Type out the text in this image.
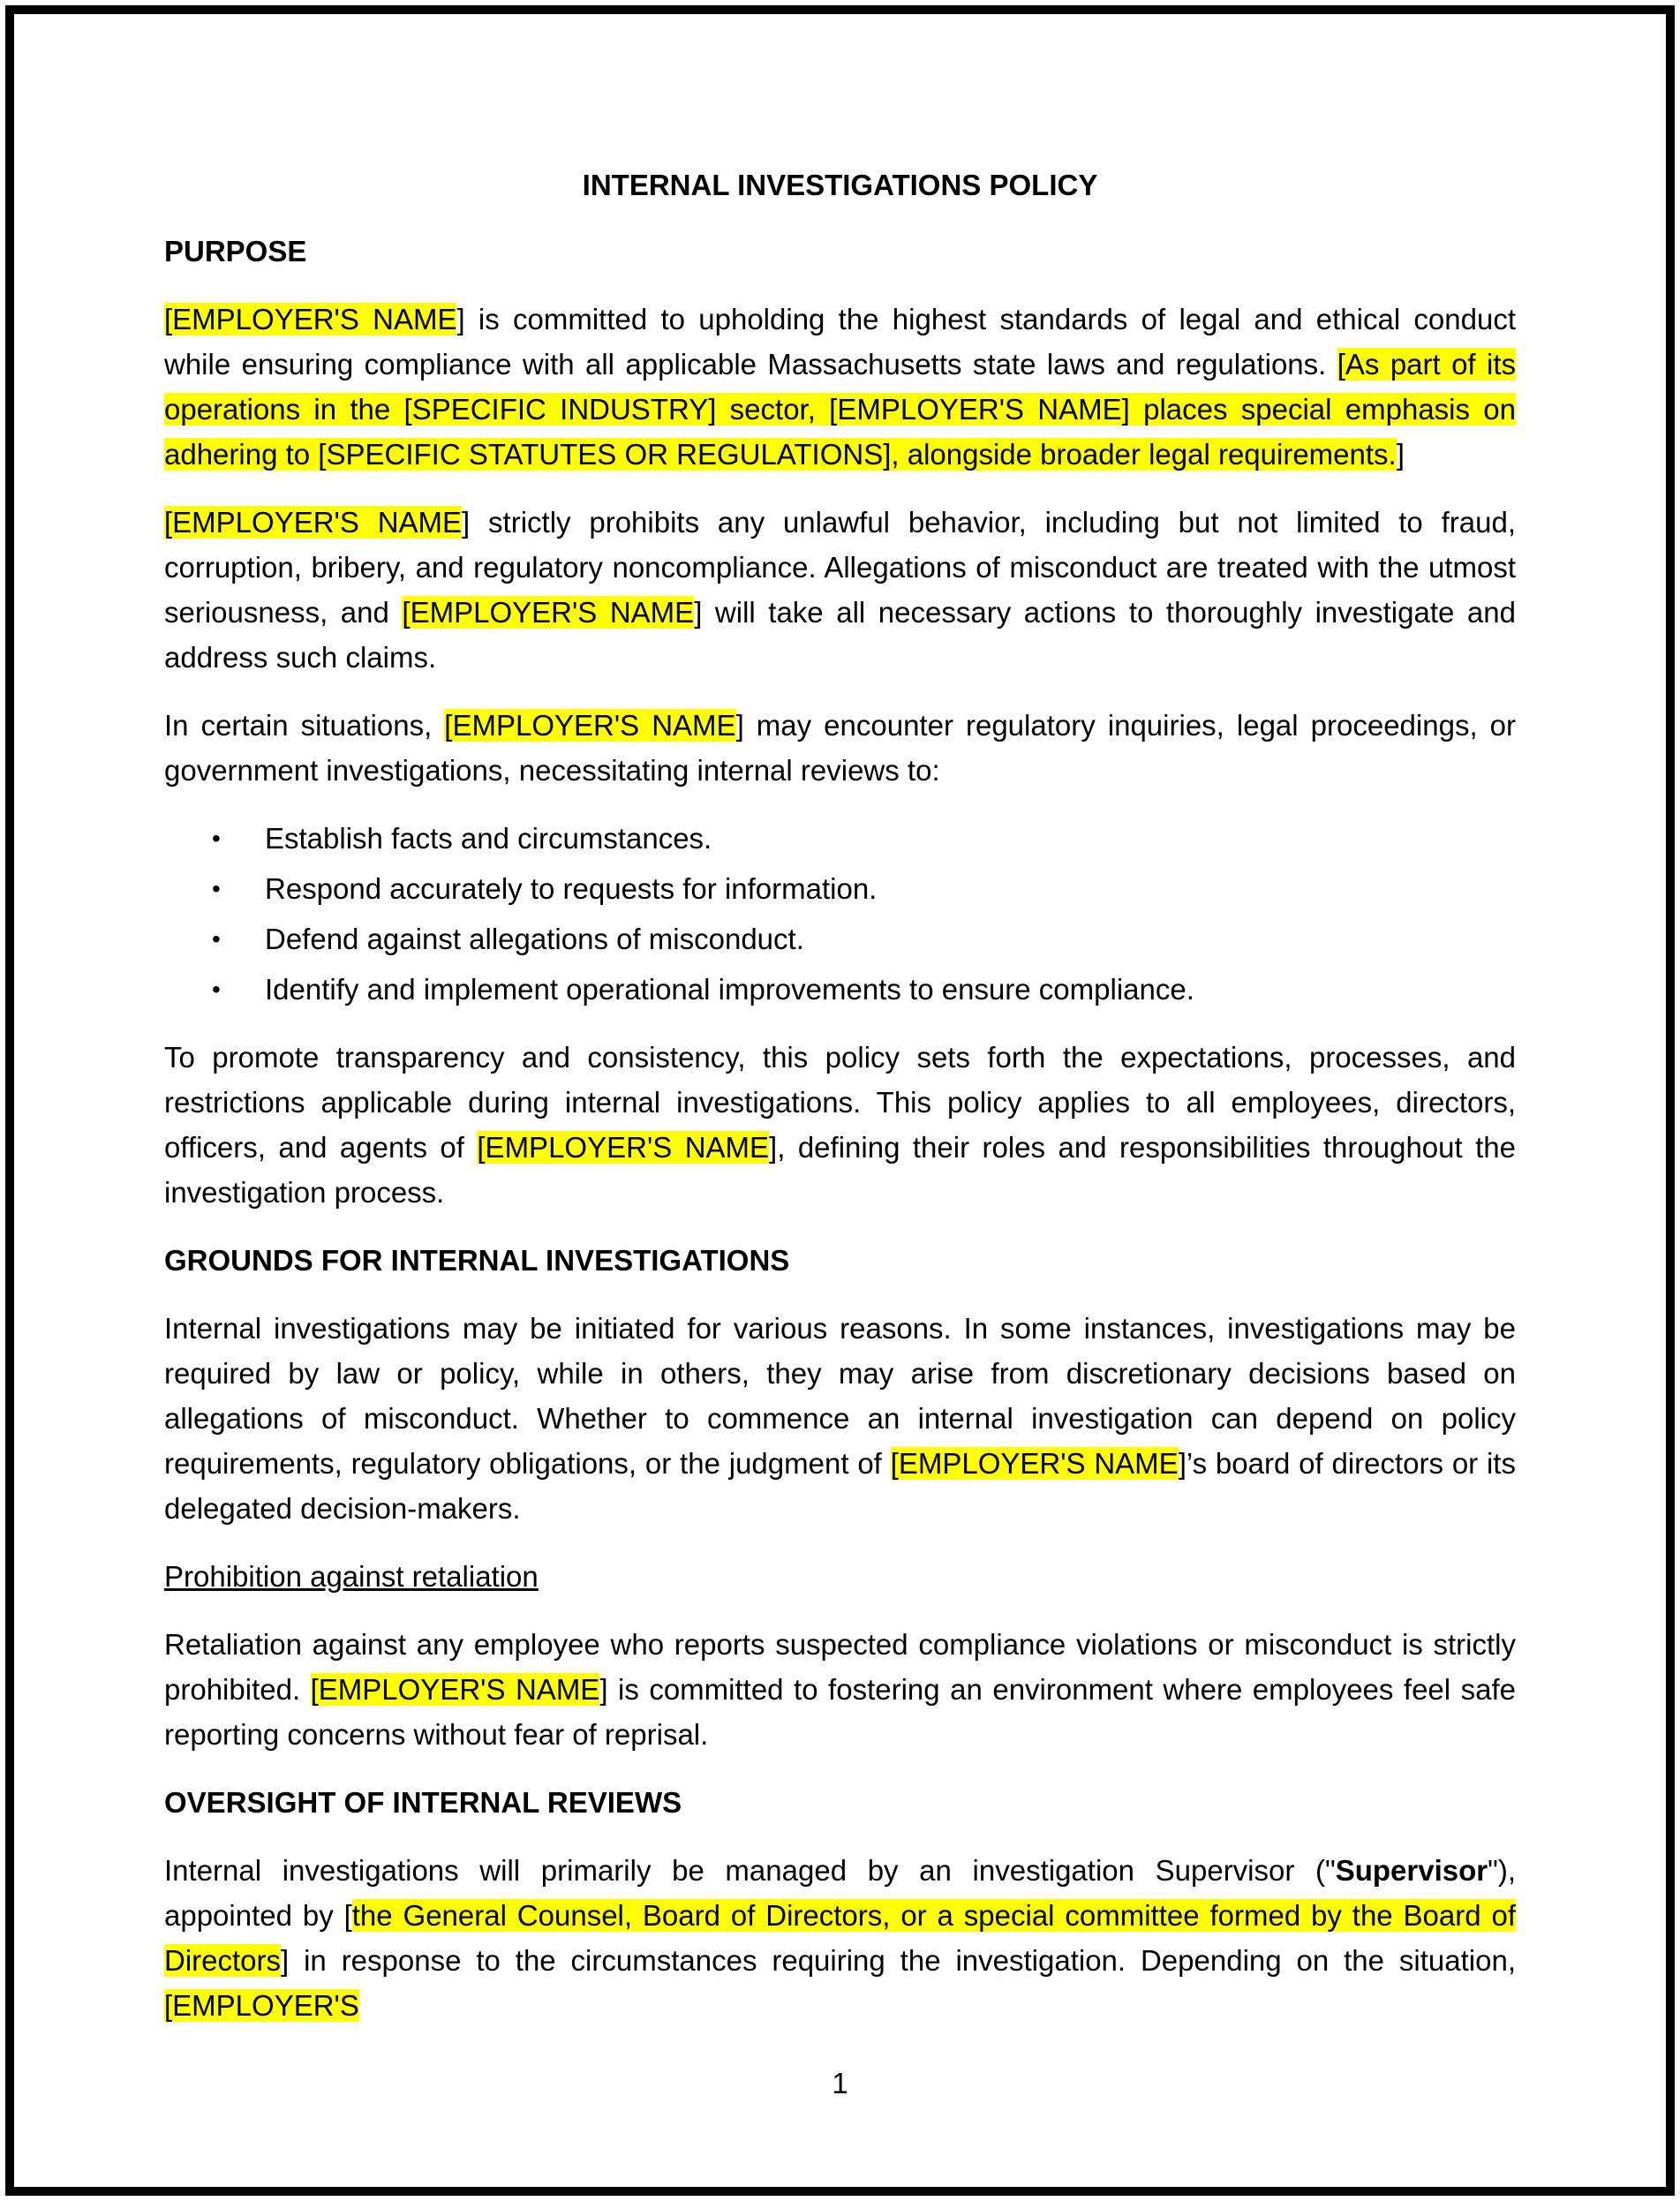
INTERNAL INVESTIGATIONS POLICY
PURPOSE

[EMPLOYER'S NAME] is committed to upholding the highest standards of legal and ethical conduct while ensuring compliance with all applicable Massachusetts state laws and regulations. [As part of its operations in the [SPECIFIC INDUSTRY] sector, [EMPLOYER'S NAME] places special emphasis on adhering to [SPECIFIC STATUTES OR REGULATIONS], alongside broader legal requirements.]

[EMPLOYER'S NAME] strictly prohibits any unlawful behavior, including but not limited to fraud, corruption, bribery, and regulatory noncompliance. Allegations of misconduct are treated with the utmost seriousness, and [EMPLOYER'S NAME] will take all necessary actions to thoroughly investigate and address such claims.

In certain situations, [EMPLOYER'S NAME] may encounter regulatory inquiries, legal proceedings, or government investigations, necessitating internal reviews to:

•	Establish facts and circumstances.
•	Respond accurately to requests for information.
•	Defend against allegations of misconduct.
•	Identify and implement operational improvements to ensure compliance.

To promote transparency and consistency, this policy sets forth the expectations, processes, and restrictions applicable during internal investigations. This policy applies to all employees, directors, officers, and agents of [EMPLOYER'S NAME], defining their roles and responsibilities throughout the investigation process.

GROUNDS FOR INTERNAL INVESTIGATIONS

Internal investigations may be initiated for various reasons. In some instances, investigations may be required by law or policy, while in others, they may arise from discretionary decisions based on allegations of misconduct. Whether to commence an internal investigation can depend on policy requirements, regulatory obligations, or the judgment of [EMPLOYER'S NAME]’s board of directors or its delegated decision-makers.

Prohibition against retaliation

Retaliation against any employee who reports suspected compliance violations or misconduct is strictly prohibited. [EMPLOYER'S NAME] is committed to fostering an environment where employees feel safe reporting concerns without fear of reprisal.

OVERSIGHT OF INTERNAL REVIEWS

Internal investigations will primarily be managed by an investigation Supervisor ("Supervisor"), appointed by [the General Counsel, Board of Directors, or a special committee formed by the Board of Directors] in response to the circumstances requiring the investigation. Depending on the situation, [EMPLOYER'S

1
